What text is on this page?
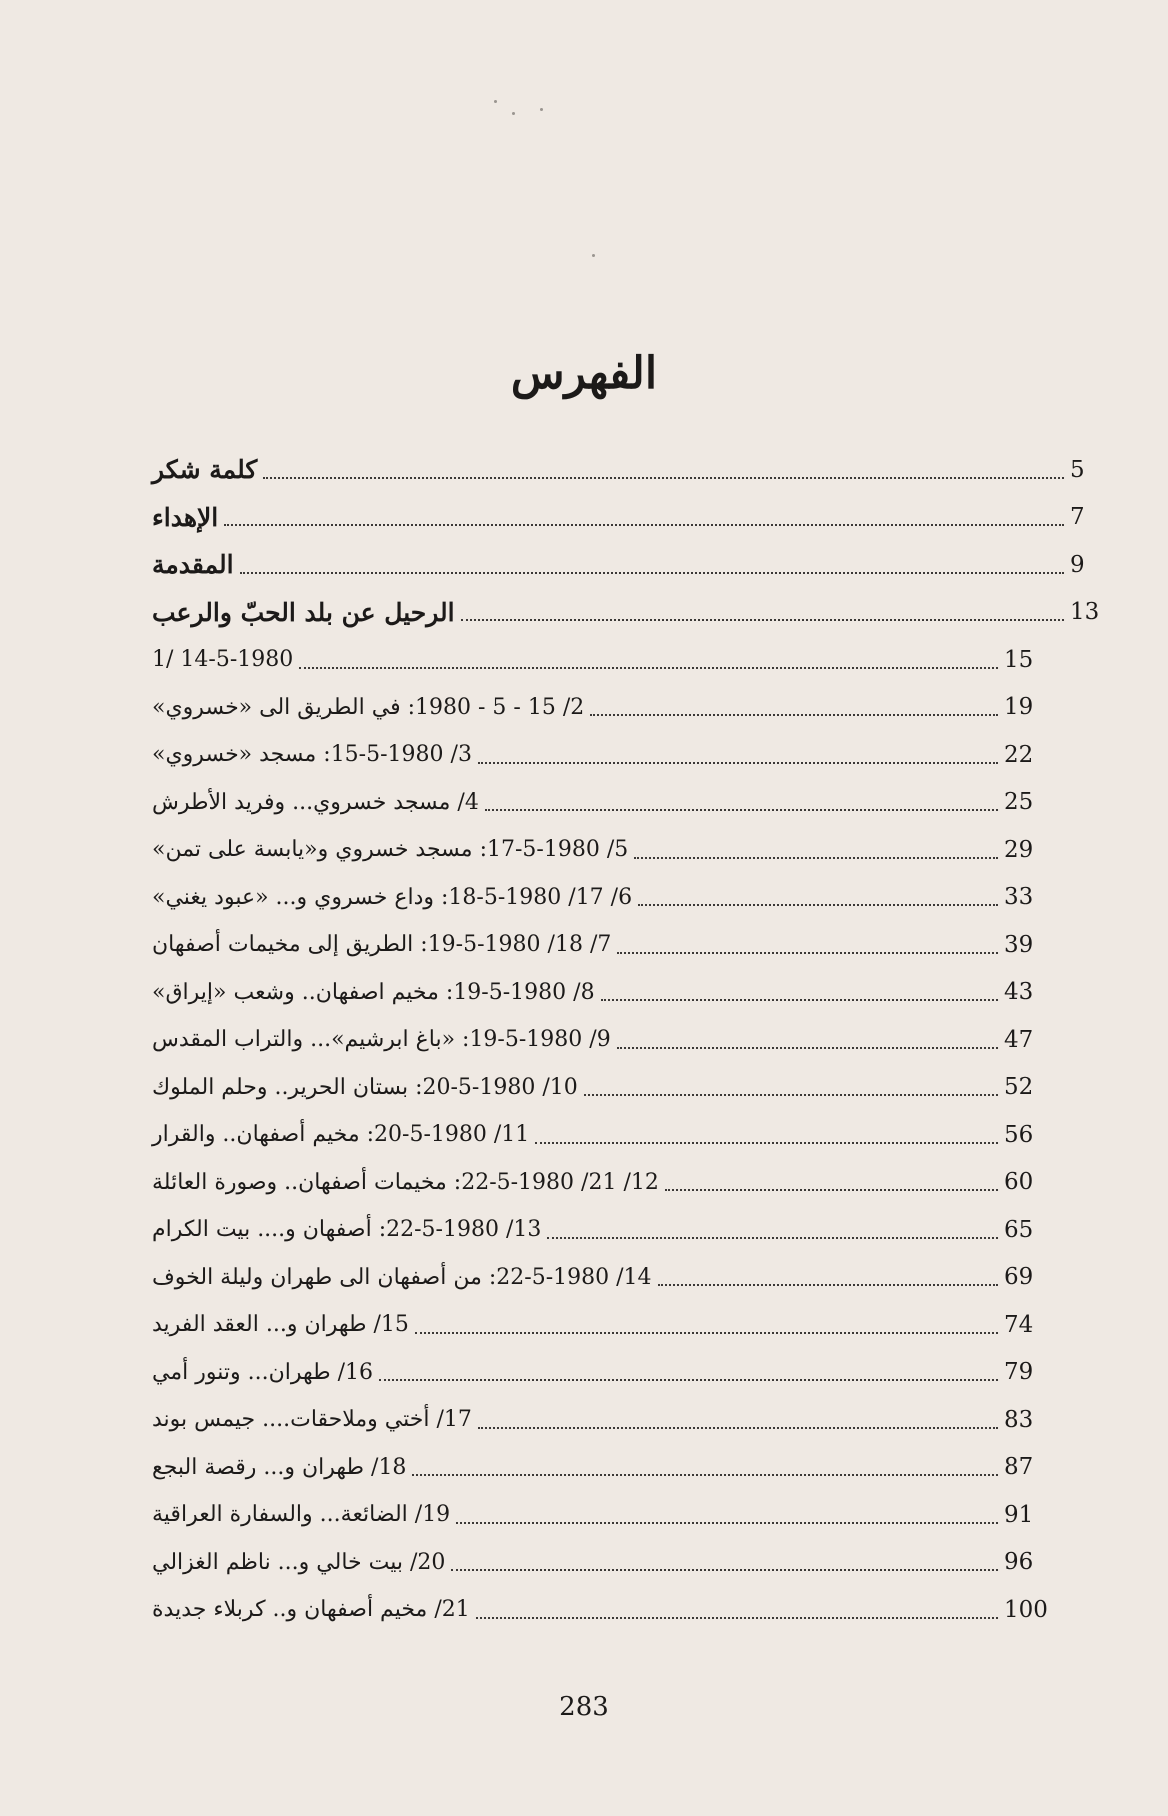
الفهرس
كلمة شكر	5
الإهداء	7
المقدمة	9
الرحيل عن بلد الحبّ والرعب	13
1/ 14-5-1980	15
2/ 15 - 5 - 1980: في الطريق الى «خسروي»	19
3/ 15-5-1980: مسجد «خسروي»	22
4/ مسجد خسروي... وفريد الأطرش	25
5/ 17-5-1980: مسجد خسروي و«يابسة على تمن»	29
6/ 17/ 18-5-1980: وداع خسروي و... «عبود يغني»	33
7/ 18/ 19-5-1980: الطريق إلى مخيمات أصفهان	39
8/ 19-5-1980: مخيم اصفهان.. وشعب «إيراق»	43
9/ 19-5-1980: «باغ ابرشيم»... والتراب المقدس	47
10/ 20-5-1980: بستان الحرير.. وحلم الملوك	52
11/ 20-5-1980: مخيم أصفهان.. والقرار	56
12/ 21/ 22-5-1980: مخيمات أصفهان.. وصورة العائلة	60
13/ 22-5-1980: أصفهان و.... بيت الكرام	65
14/ 22-5-1980: من أصفهان الى طهران وليلة الخوف	69
15/ طهران و... العقد الفريد	74
16/ طهران... وتنور أمي	79
17/ أختي وملاحقات.... جيمس بوند	83
18/ طهران و... رقصة البجع	87
19/ الضائعة... والسفارة العراقية	91
20/ بيت خالي و... ناظم الغزالي	96
21/ مخيم أصفهان و.. كربلاء جديدة	100
283
